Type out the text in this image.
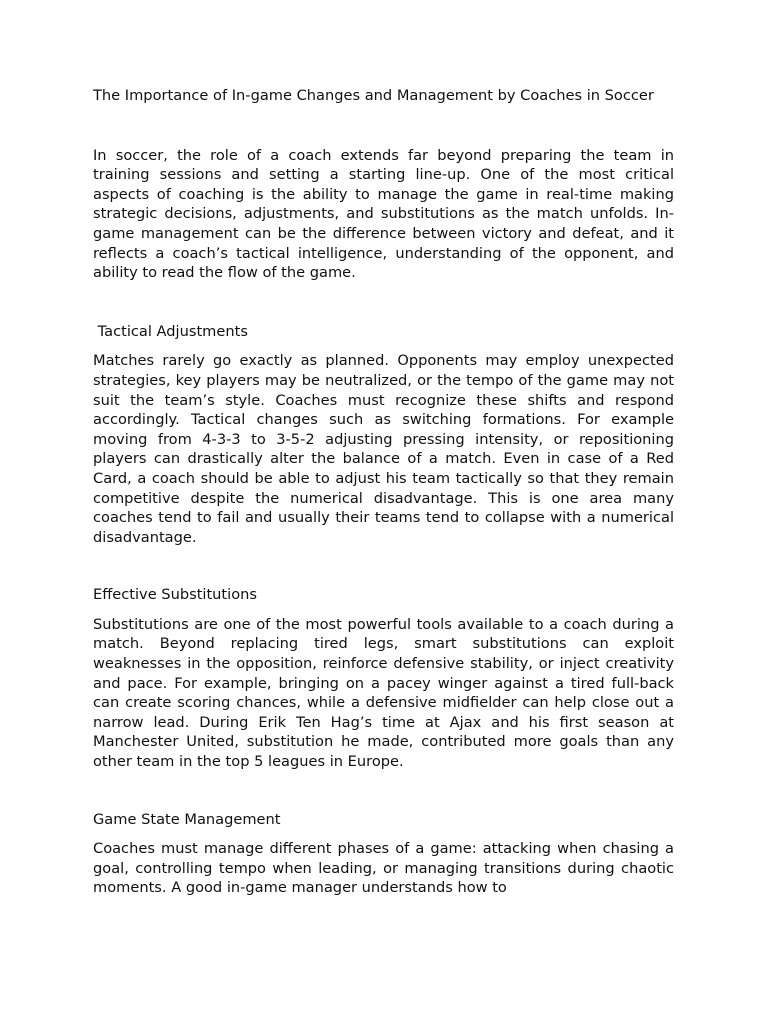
The Importance of In-game Changes and Management by Coaches in Soccer

In soccer, the role of a coach extends far beyond preparing the team in training sessions and setting a starting line-up. One of the most critical aspects of coaching is the ability to manage the game in real-time making strategic decisions, adjustments, and substitutions as the match unfolds. In-game management can be the difference between victory and defeat, and it reflects a coach’s tactical intelligence, understanding of the opponent, and ability to read the flow of the game.

Tactical Adjustments

Matches rarely go exactly as planned. Opponents may employ unexpected strategies, key players may be neutralized, or the tempo of the game may not suit the team’s style. Coaches must recognize these shifts and respond accordingly. Tactical changes such as switching formations. For example moving from 4-3-3 to 3-5-2 adjusting pressing intensity, or repositioning players can drastically alter the balance of a match. Even in case of a Red Card, a coach should be able to adjust his team tactically so that they remain competitive despite the numerical disadvantage. This is one area many coaches tend to fail and usually their teams tend to collapse with a numerical disadvantage.

Effective Substitutions

Substitutions are one of the most powerful tools available to a coach during a match. Beyond replacing tired legs, smart substitutions can exploit weaknesses in the opposition, reinforce defensive stability, or inject creativity and pace. For example, bringing on a pacey winger against a tired full-back can create scoring chances, while a defensive midfielder can help close out a narrow lead. During Erik Ten Hag’s time at Ajax and his first season at Manchester United, substitution he made, contributed more goals than any other team in the top 5 leagues in Europe.

Game State Management

Coaches must manage different phases of a game: attacking when chasing a goal, controlling tempo when leading, or managing transitions during chaotic moments. A good in-game manager understands how to
